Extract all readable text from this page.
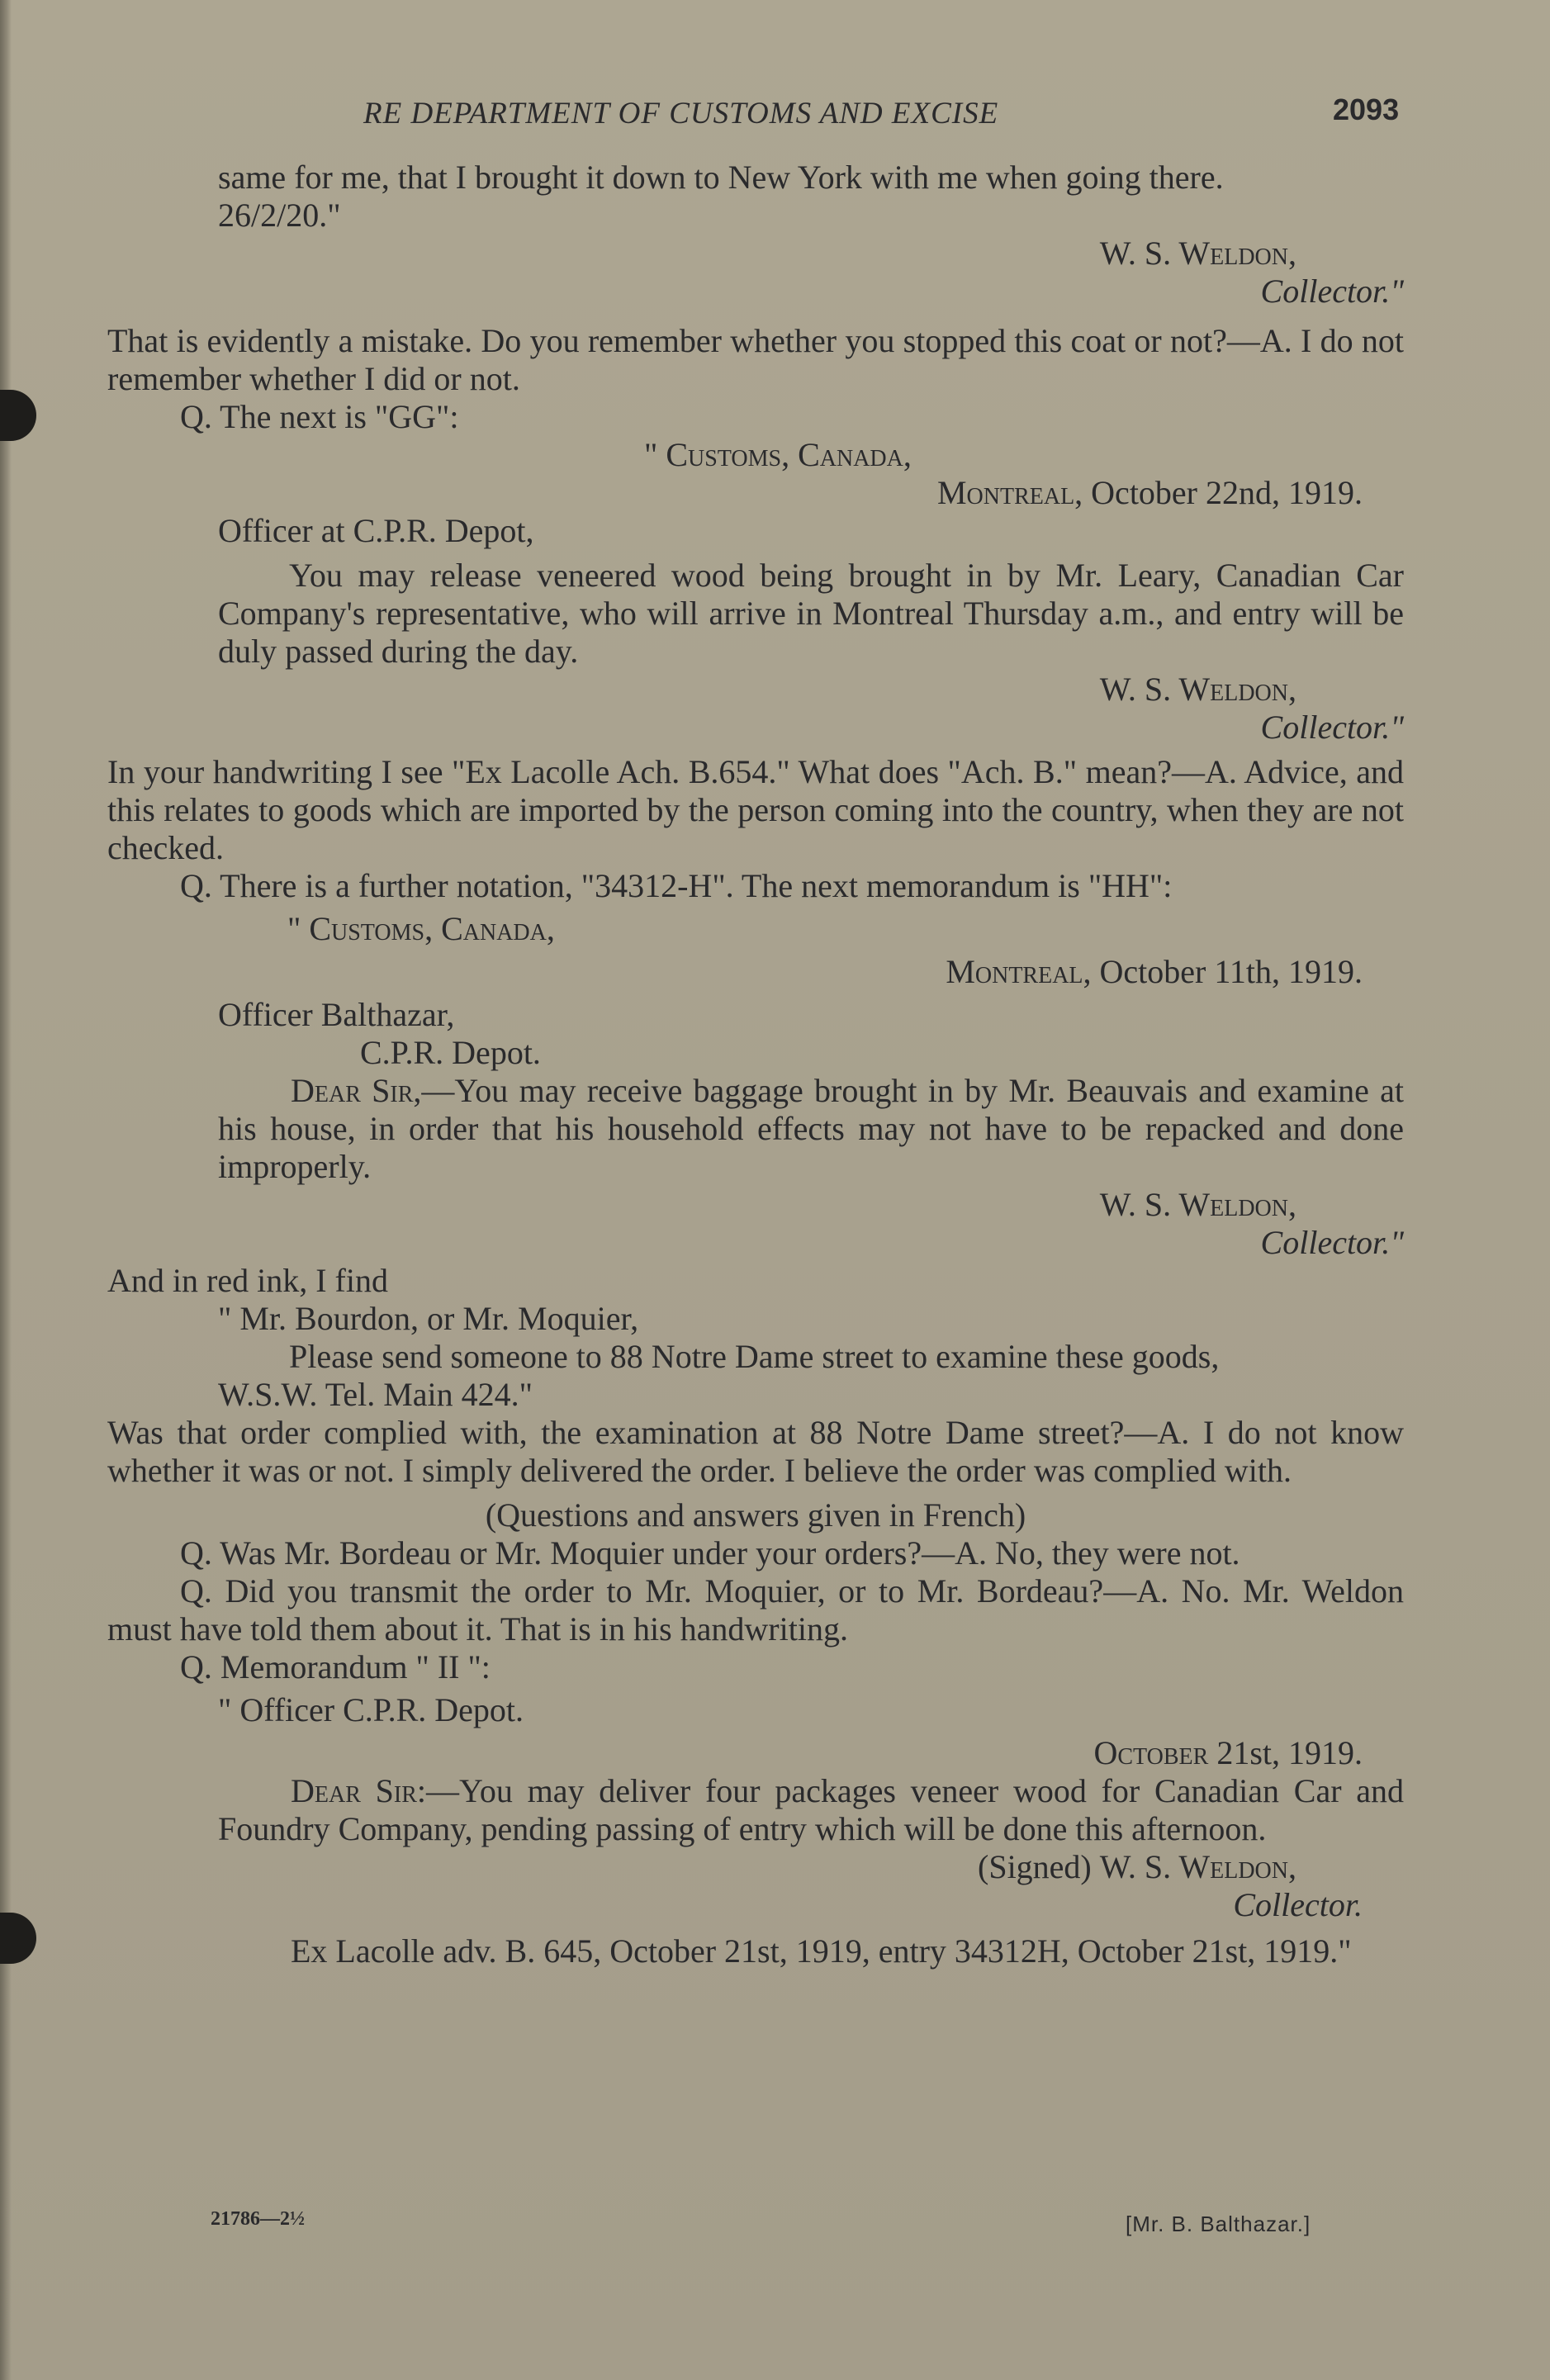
RE DEPARTMENT OF CUSTOMS AND EXCISE	2093

same for me, that I brought it down to New York with me when going there.

26/2/20."

W. S. Weldon,

Collector."

That is evidently a mistake. Do you remember whether you stopped this coat or not?—A. I do not remember whether I did or not.

Q. The next is "GG":

" Customs, Canada,

Montreal, October 22nd, 1919.

Officer at C.P.R. Depot,

You may release veneered wood being brought in by Mr. Leary, Canadian Car Company's representative, who will arrive in Montreal Thursday a.m., and entry will be duly passed during the day.

W. S. Weldon,

Collector."

In your handwriting I see "Ex Lacolle Ach. B.654." What does "Ach. B." mean?—A. Advice, and this relates to goods which are imported by the person coming into the country, when they are not checked.

Q. There is a further notation, "34312-H". The next memorandum is "HH":

" Customs, Canada,

Montreal, October 11th, 1919.

Officer Balthazar,

C.P.R. Depot.

Dear Sir,—You may receive baggage brought in by Mr. Beauvais and examine at his house, in order that his household effects may not have to be repacked and done improperly.

W. S. Weldon,

Collector."

And in red ink, I find

" Mr. Bourdon, or Mr. Moquier,

Please send someone to 88 Notre Dame street to examine these goods,

W.S.W. Tel. Main 424."

Was that order complied with, the examination at 88 Notre Dame street?—A. I do not know whether it was or not. I simply delivered the order. I believe the order was complied with.

(Questions and answers given in French)

Q. Was Mr. Bordeau or Mr. Moquier under your orders?—A. No, they were not.

Q. Did you transmit the order to Mr. Moquier, or to Mr. Bordeau?—A. No. Mr. Weldon must have told them about it. That is in his handwriting.

Q. Memorandum " II ":

" Officer C.P.R. Depot.

October 21st, 1919.

Dear Sir:—You may deliver four packages veneer wood for Canadian Car and Foundry Company, pending passing of entry which will be done this afternoon.

(Signed) W. S. Weldon,

Collector.

Ex Lacolle adv. B. 645, October 21st, 1919, entry 34312H, October 21st, 1919."

21786—2½	[Mr. B. Balthazar.]
